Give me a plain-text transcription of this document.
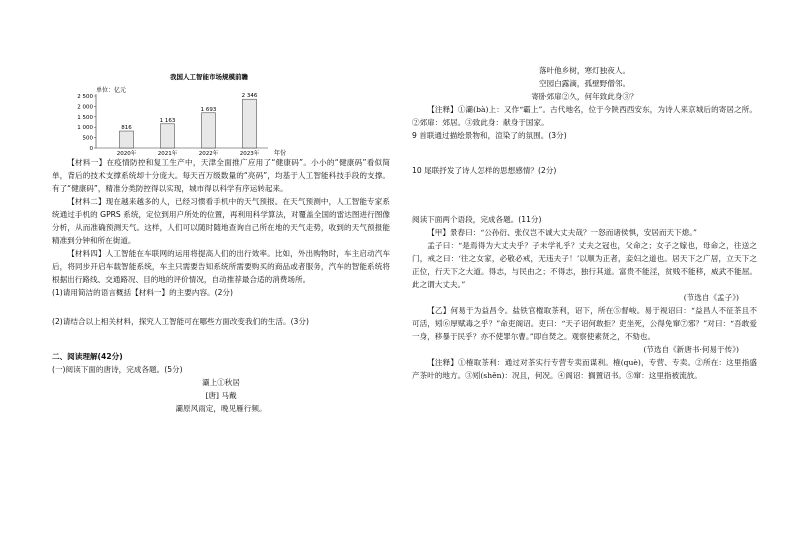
我国人工智能市场规模前瞻
单位：亿元
0
500
1 000
1 500
2 000
2 500
816
2020年
1 163
2021年
1 693
2022年
2 346
2023年 年份

【材料一】在疫情防控和复工生产中，天津全面推广应用了“健康码”。小小的“健康码”看似简单，背后的技术支撑系统却十分庞大。每天百万级数量的“亮码”，均基于人工智能科技手段的支撑。有了“健康码”，精准分类防控得以实现，城市得以科学有序运转起来。

【材料二】现在越来越多的人，已经习惯看手机中的天气预报。在天气预测中，人工智能专家系统通过手机的 GPRS 系统，定位到用户所处的位置，再利用科学算法，对覆盖全国的雷达图进行图像分析，从而准确预测天气。这样，人们可以随时随地查询自己所在地的天气走势，收到的天气预报能精准到分钟和所在街道。

【材料四】人工智能在车联网的运用将提高人们的出行效率。比如，外出购物时，车主启动汽车后，将同步开启车载智能系统，车主只需要告知系统所需要购买的商品或者服务，汽车的智能系统将根据出行路线、交通路况、目的地的评价情况，自动推荐最合适的消费场所。

(1)请用简洁的语言概括【材料一】的主要内容。(2分)

(2)请结合以上相关材料，探究人工智能可在哪些方面改变我们的生活。(3分)

二、阅读理解(42分)

(一)阅读下面的唐诗，完成各题。(5分)

灞上①秋居

[唐] 马戴

灞原风雨定，晚见雁行频。

落叶他乡树，寒灯独夜人。

空园白露滴，孤壁野僧邻。

寄卧郊扉②久，何年致此身③？

【注释】①灞(bà)上：又作“霸上”。古代地名，位于今陕西西安东，为诗人来京城后的寄居之所。②郊扉：郊居。③致此身：献身于国家。

9 首联通过描绘景物和，渲染了的氛围。(3分)

10 尾联抒发了诗人怎样的思想感情？(2分)

阅读下面两个语段，完成各题。(11分)

【甲】景春曰：“公孙衍、张仪岂不诚大丈夫哉？一怒而诸侯惧，安居而天下熄。”

孟子曰：“是焉得为大丈夫乎？子未学礼乎？丈夫之冠也，父命之；女子之嫁也，母命之，往送之门，戒之曰：‘往之女家，必敬必戒，无违夫子！’以顺为正者，妾妇之道也。居天下之广居，立天下之正位，行天下之大道。得志，与民由之；不得志，独行其道。富贵不能淫，贫贱不能移，威武不能屈。此之谓大丈夫。”

(节选自《孟子》)

【乙】何易于为益昌令。盐铁官権取茶利，诏下，所在⑤督峻。易于视诏曰：“益昌人不征茶且不可活，矧⑥厚赋毒之乎？”命吏阁诏。吏曰：“天子诏何敢拒？吏坐死，公得免窜⑦邪？”对曰：“吾敢爱一身，移暴于民乎？亦不使罪尔曹。”即自焚之。观察使素贤之，不劾也。

(节选自《新唐书·何易于传》)

【注释】①榷取茶利：通过对茶实行专营专卖而谋利。榷(què)，专营、专卖。②所在：这里指盛产茶叶的地方。③矧(shěn)：况且，何况。④阁诏：搁置诏书。⑤窜：这里指被流放。
